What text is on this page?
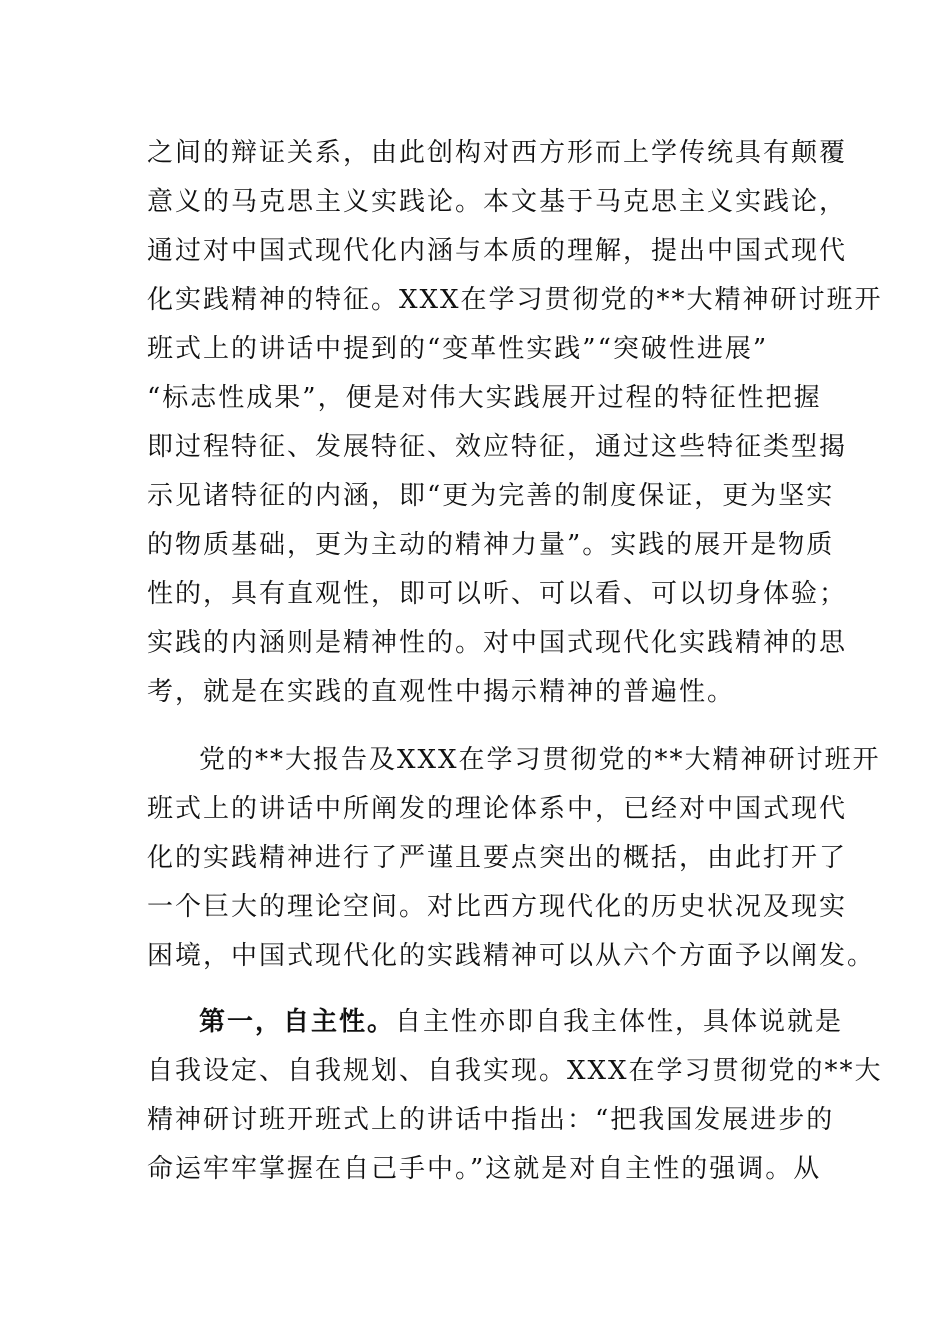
之间的辩证关系，由此创构对西方形而上学传统具有颠覆
意义的马克思主义实践论。本文基于马克思主义实践论，
通过对中国式现代化内涵与本质的理解，提出中国式现代
化实践精神的特征。XXX在学习贯彻党的**大精神研讨班开
班式上的讲话中提到的“变革性实践”“突破性进展”
“标志性成果”，便是对伟大实践展开过程的特征性把握
即过程特征、发展特征、效应特征，通过这些特征类型揭
示见诸特征的内涵，即“更为完善的制度保证，更为坚实
的物质基础，更为主动的精神力量”。实践的展开是物质
性的，具有直观性，即可以听、可以看、可以切身体验；
实践的内涵则是精神性的。对中国式现代化实践精神的思
考，就是在实践的直观性中揭示精神的普遍性。
党的**大报告及XXX在学习贯彻党的**大精神研讨班开
班式上的讲话中所阐发的理论体系中，已经对中国式现代
化的实践精神进行了严谨且要点突出的概括，由此打开了
一个巨大的理论空间。对比西方现代化的历史状况及现实
困境，中国式现代化的实践精神可以从六个方面予以阐发。
第一，自主性。自主性亦即自我主体性，具体说就是
自我设定、自我规划、自我实现。XXX在学习贯彻党的**大
精神研讨班开班式上的讲话中指出：“把我国发展进步的
命运牢牢掌握在自己手中。”这就是对自主性的强调。从
